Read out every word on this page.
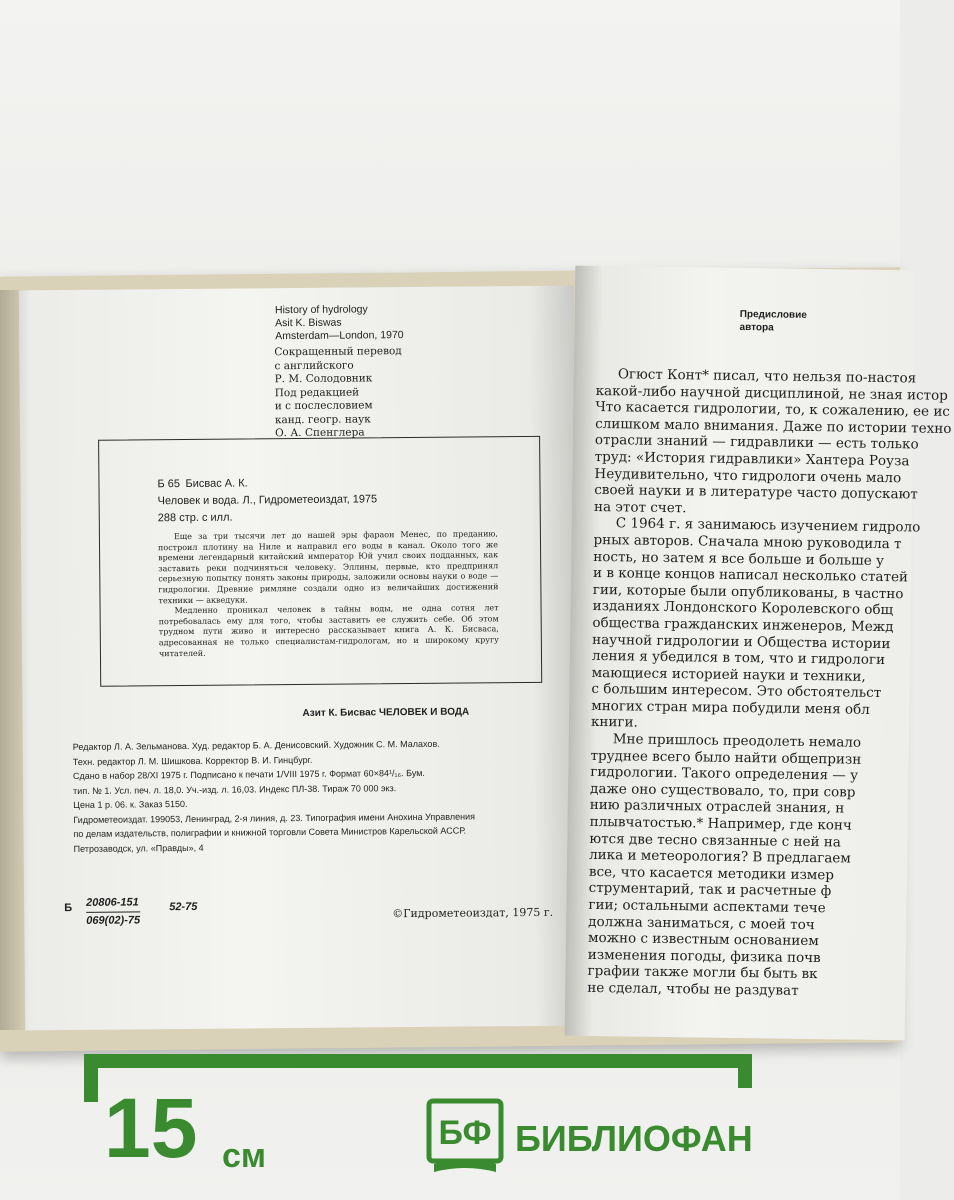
History of hydrology
Asit K. Biswas
Amsterdam—London, 1970
Сокращенный перевод
с английского
Р. М. Солодовник
Под редакцией
и с послесловием
канд. геогр. наук
О. А. Спенглера
Б 65 Бисвас А. К.
Человек и вода. Л., Гидрометеоиздат, 1975
288 стр. с илл.

Еще за три тысячи лет до нашей эры фараон Менес, по преданию, построил плотину на Ниле и направил его воды в канал. Около того же времени легендарный китайский император Юй учил своих подданных, как заставить реки подчиняться человеку. Эллины, первые, кто предпринял серьезную попытку понять законы природы, заложили основы науки о воде — гидрологии. Древние римляне создали одно из величайших достижений техники — акведуки.

Медленно проникал человек в тайны воды, не одна сотня лет потребовалась ему для того, чтобы заставить ее служить себе. Об этом трудном пути живо и интересно рассказывает книга А. К. Бисваса, адресованная не только специалистам-гидрологам, но и широкому кругу читателей.

Азит К. Бисвас ЧЕЛОВЕК И ВОДА
Редактор Л. А. Зельманова. Худ. редактор Б. А. Денисовский. Художник С. М. Малахов.
Техн. редактор Л. М. Шишкова. Корректор В. И. Гинцбург.
Сдано в набор 28/XI 1975 г. Подписано к печати 1/VIII 1975 г. Формат 60×84¹/₁₆. Бум.
тип. № 1. Усл. печ. л. 18,0. Уч.-изд. л. 16,03. Индекс ПЛ-38. Тираж 70 000 экз.
Цена 1 р. 06. к. Заказ 5150.
Гидрометеоиздат. 199053, Ленинград, 2-я линия, д. 23. Типография имени Анохина Управления
по делам издательств, полиграфии и книжной торговли Совета Министров Карельской АССР.
Петрозаводск, ул. «Правды», 4
Б $\frac{20806-151}{069(02)-75}$	52-75	©Гидрометеоиздат, 1975 г.
Предисловие
автора
Огюст Конт* писал, что нельзя по-настоя
какой-либо научной дисциплиной, не зная истор
Что касается гидрологии, то, к сожалению, ее ис
слишком мало внимания. Даже по истории техно
отрасли знаний — гидравлики — есть только
труд: «История гидравлики» Хантера Роуза
Неудивительно, что гидрологи очень мало
своей науки и в литературе часто допускают
на этот счет.
С 1964 г. я занимаюсь изучением гидроло
рных авторов. Сначала мною руководила т
ность, но затем я все больше и больше у
и в конце концов написал несколько статей
гии, которые были опубликованы, в частно
изданиях Лондонского Королевского общ
общества гражданских инженеров, Межд
научной гидрологии и Общества истории
ления я убедился в том, что и гидрологи
мающиеся историей науки и техники,
с большим интересом. Это обстоятельст
многих стран мира побудили меня обл
книги.
Мне пришлось преодолеть немало
труднее всего было найти общепризн
гидрологии. Такого определения — у
даже оно существовало, то, при совр
нию различных отраслей знания, н
плывчатостью.* Например, где конч
ются две тесно связанные с ней на
лика и метеорология? В предлагаем
все, что касается методики измер
струментарий, так и расчетные ф
гии; остальными аспектами тече
должна заниматься, с моей точ
можно с известным основанием
изменения погоды, физика почв
графии также могли бы быть вк
не сделал, чтобы не раздуват
15 см
БФ БИБЛИОФАН
